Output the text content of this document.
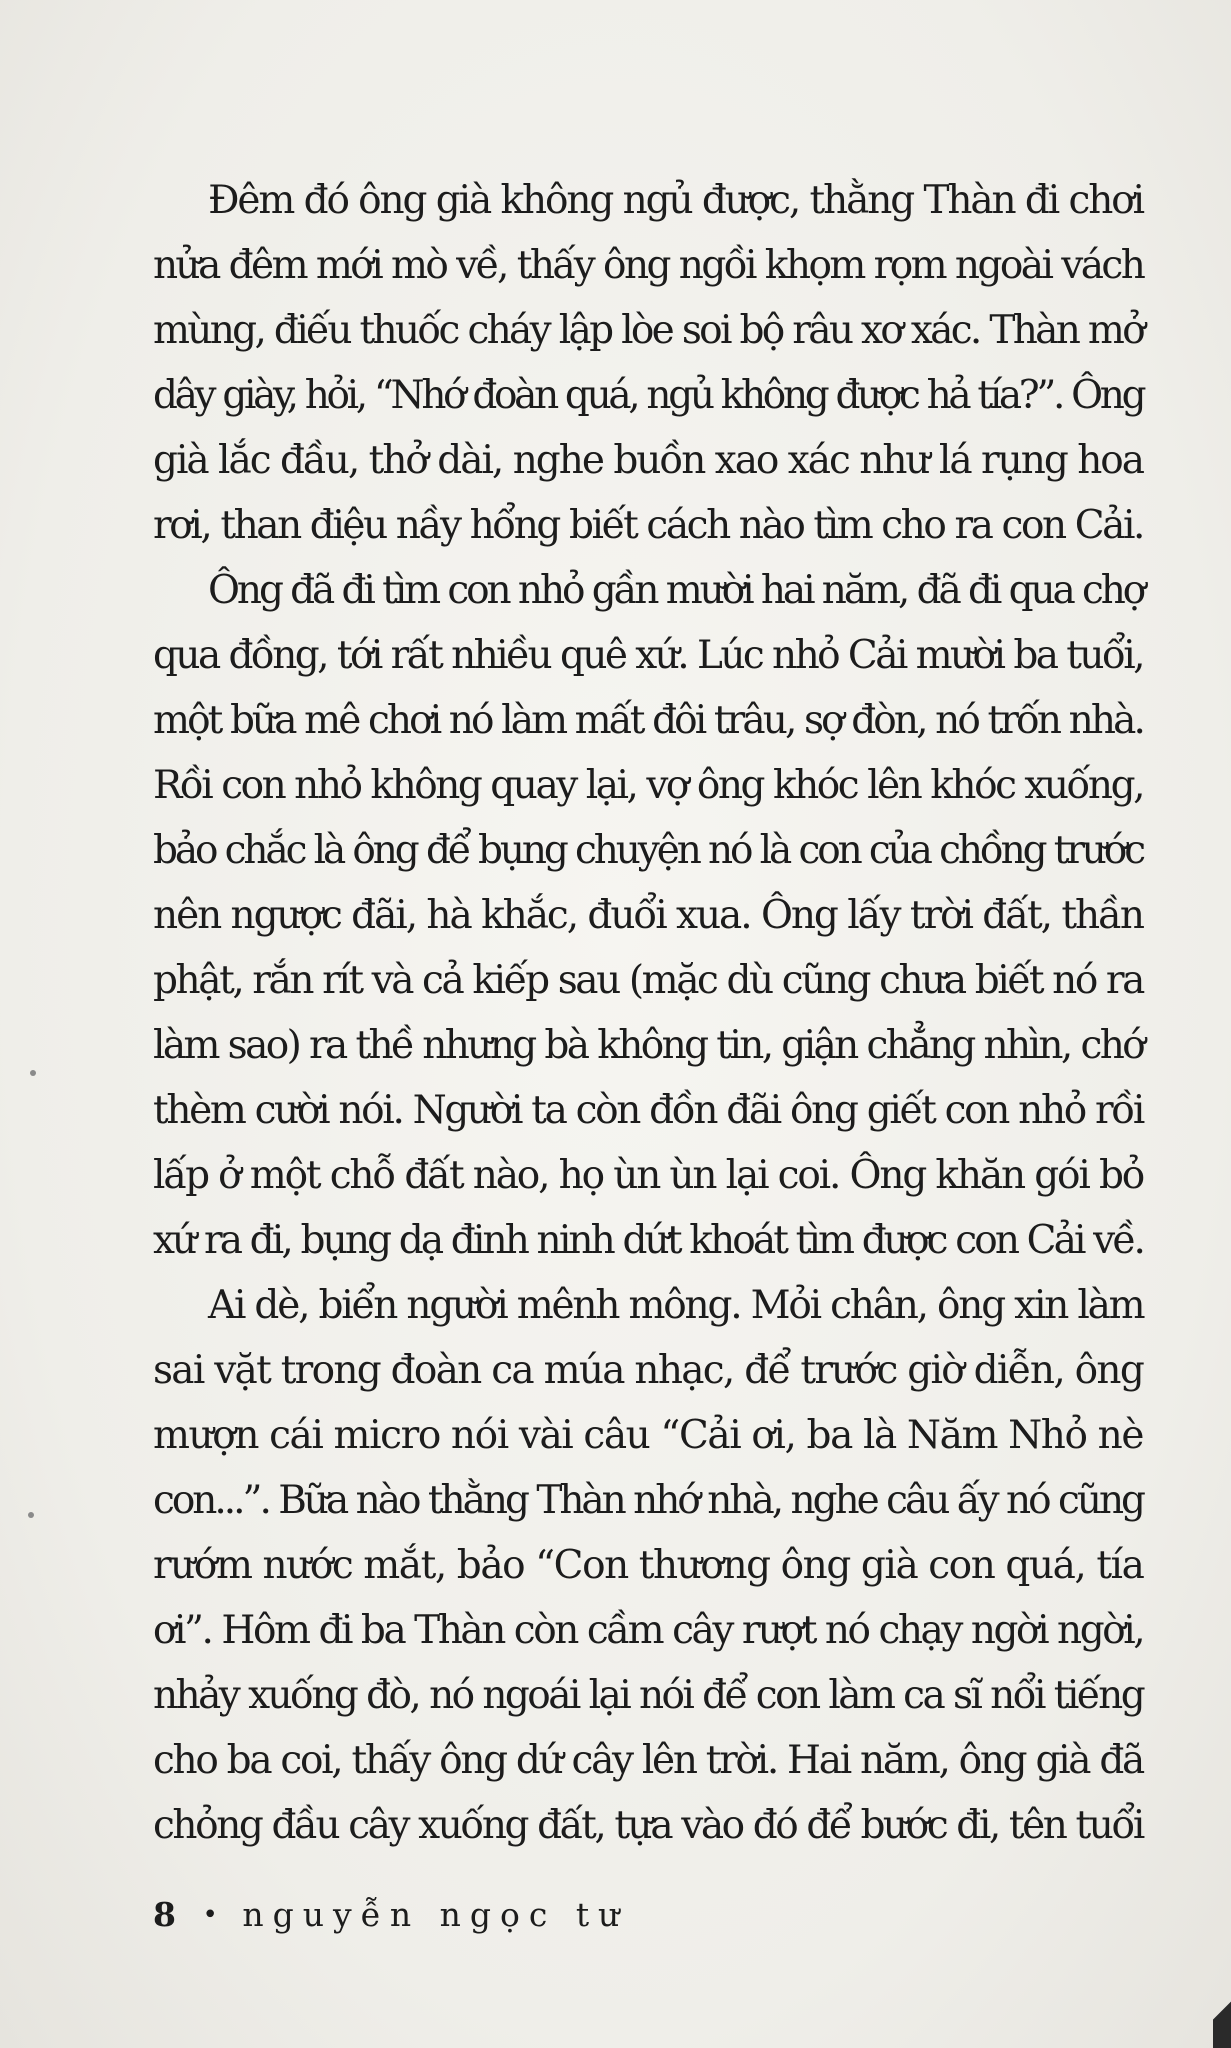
Đêm đó ông già không ngủ được, thằng Thàn đi chơi
nửa đêm mới mò về, thấy ông ngồi khọm rọm ngoài vách
mùng, điếu thuốc cháy lập lòe soi bộ râu xơ xác. Thàn mở
dây giày, hỏi, “Nhớ đoàn quá, ngủ không được hả tía?”. Ông
già lắc đầu, thở dài, nghe buồn xao xác như lá rụng hoa
rơi, than điệu nầy hổng biết cách nào tìm cho ra con Cải.
Ông đã đi tìm con nhỏ gần mười hai năm, đã đi qua chợ
qua đồng, tới rất nhiều quê xứ. Lúc nhỏ Cải mười ba tuổi,
một bữa mê chơi nó làm mất đôi trâu, sợ đòn, nó trốn nhà.
Rồi con nhỏ không quay lại, vợ ông khóc lên khóc xuống,
bảo chắc là ông để bụng chuyện nó là con của chồng trước
nên ngược đãi, hà khắc, đuổi xua. Ông lấy trời đất, thần
phật, rắn rít và cả kiếp sau (mặc dù cũng chưa biết nó ra
làm sao) ra thề nhưng bà không tin, giận chẳng nhìn, chớ
thèm cười nói. Người ta còn đồn đãi ông giết con nhỏ rồi
lấp ở một chỗ đất nào, họ ùn ùn lại coi. Ông khăn gói bỏ
xứ ra đi, bụng dạ đinh ninh dứt khoát tìm được con Cải về.
Ai dè, biển người mênh mông. Mỏi chân, ông xin làm
sai vặt trong đoàn ca múa nhạc, để trước giờ diễn, ông
mượn cái micro nói vài câu “Cải ơi, ba là Năm Nhỏ nè
con...”. Bữa nào thằng Thàn nhớ nhà, nghe câu ấy nó cũng
rướm nước mắt, bảo “Con thương ông già con quá, tía
ơi”. Hôm đi ba Thàn còn cầm cây rượt nó chạy ngời ngời,
nhảy xuống đò, nó ngoái lại nói để con làm ca sĩ nổi tiếng
cho ba coi, thấy ông dứ cây lên trời. Hai năm, ông già đã
chỏng đầu cây xuống đất, tựa vào đó để bước đi, tên tuổi
8 • nguyễn ngọc tư
